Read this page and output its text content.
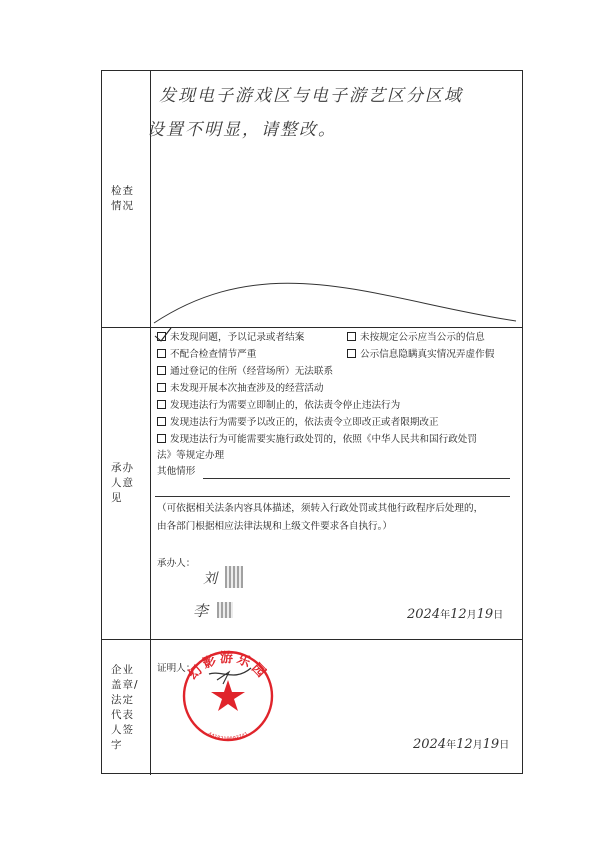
检查情况
发现电子游戏区与电子游艺区分区域
设置不明显，请整改。
承办人意见
未发现问题，予以记录或者结案	未按规定公示应当公示的信息
不配合检查情节严重	公示信息隐瞒真实情况弄虚作假
通过登记的住所（经营场所）无法联系
未发现开展本次抽查涉及的经营活动
发现违法行为需要立即制止的，依法责令停止违法行为
发现违法行为需要予以改正的，依法责令立即改正或者限期改正
发现违法行为可能需要实施行政处罚的，依照《中华人民共和国行政处罚
法》等规定办理
其他情形
（可依据相关法条内容具体描述，须转入行政处罚或其他行政程序后处理的，
由各部门根据相应法律法规和上级文件要求各自执行。）
承办人：
刘
李	2024年12月19日
企业盖章/法定代表人签字
证明人：
幻影游乐园
4418210003741
2024年12月19日
